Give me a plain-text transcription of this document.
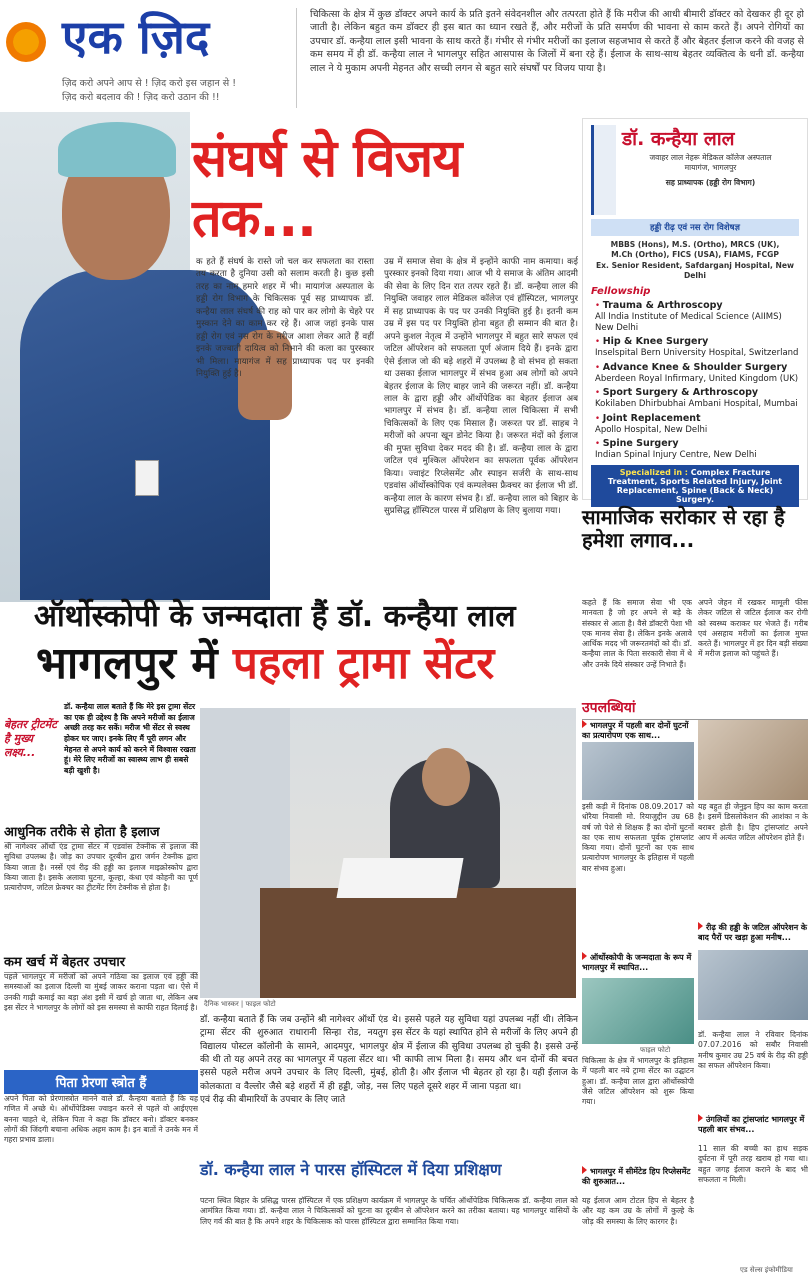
एक ज़िद
ज़िद करो अपने आप से ! ज़िद करो इस जहान से !
ज़िद करो बदलाव की ! ज़िद करो उठान की !!
चिकित्सा के क्षेत्र में कुछ डॉक्टर अपने कार्य के प्रति इतने संवेदनशील और तत्परता होते हैं कि मरीज की आधी बीमारी डॉक्टर को देखकर ही दूर हो जाती है। लेकिन बहुत कम डॉक्टर ही इस बात का ध्यान रखते हैं, और मरीजों के प्रति समर्पण की भावना से काम करते हैं। अपने रोगियों का उपचार डॉ. कन्हैया लाल इसी भावना के साथ करते हैं। गंभीर से गंभीर मरीजों का इलाज सहजभाव से करते हैं और बेहतर ईलाज करने की वजह से कम समय में ही डॉ. कन्हैया लाल ने भागलपुर सहित आसपास के जिलों में बना रहे हैं। ईलाज के साथ-साथ बेहतर व्यक्तित्व के धनी डॉ. कन्हैया लाल ने ये मुकाम अपनी मेहनत और सच्ची लगन से बहुत सारे संघर्षों पर विजय पाया है।
संघर्ष से विजय
तक...
क हते हैं संघर्ष के रास्ते जो चल कर सफलता का रास्ता तय करता है दुनिया उसी को सलाम करती है। कुछ इसी तरह का नाम हमारे शहर में भी। मायागंज अस्पताल के हड्डी रोग विभाग के चिकित्सक पूर्व सह प्राध्यापक डॉ. कन्हैया लाल संघर्ष की राह को पार कर लोगो के चेहरे पर मुस्कान देने का काम कर रहे हैं। आज जहां इनके पास हड्डी रोग एवं नस रोग के मरीज आशा लेकर आते हैं वहीं इनके जज्बाती दायित्व को निभाने की कला का पुरस्कार भी मिला। मायागंज में सह प्राध्यापक पद पर इनकी नियुक्ति हुई है।
उम्र में समाज सेवा के क्षेत्र में इन्होंने काफी नाम कमाया। कई पुरस्कार इनको दिया गया। आज भी ये समाज के अंतिम आदमी की सेवा के लिए दिन रात तत्पर रहते हैं। डॉ. कन्हैया लाल की नियुक्ति जवाहर लाल मेडिकल कॉलेज एवं हॉस्पिटल, भागलपुर में सह प्राध्यापक के पद पर उनकी नियुक्ति हुई है। इतनी कम उम्र में इस पद पर नियुक्ति होना बहुत ही सम्मान की बात है। अपने कुशल नेतृत्व में उन्होंने भागलपुर में बहुत सारे सफल एवं जटिल ऑपरेशन को सफलता पूर्ण अंजाम दिये हैं। इनके द्वारा ऐसे ईलाज जो की बड़े शहरों में उपलब्ध है वो संभव हो सकता था उसका ईलाज भागलपुर में संभव हुआ अब लोगों को अपने बेहतर ईलाज के लिए बाहर जाने की जरूरत नहीं। डॉ. कन्हैया लाल के द्वारा हड्डी और ऑर्थोपेडिक का बेहतर ईलाज अब भागलपुर में संभव है। डॉ. कन्हैया लाल चिकित्सा में सभी चिकित्सकों के लिए एक मिसाल हैं। जरूरत पर डॉ. साहब ने मरीजों को अपना खून डोनेट किया है। जरूरत मंदों को ईलाज की मुफ्त सुविधा देकर मदद की है। डॉ. कन्हैया लाल के द्वारा जटिल एवं मुश्किल ऑपरेशन का सफलता पूर्वक ऑपरेशन किया। ज्वाइंट रिप्लेसमेंट और स्पाइन सर्जरी के साथ-साथ एडवांस ऑर्थोस्कोपिक एवं कम्पलेक्स फ्रैक्चर का ईलाज भी डॉ. कन्हैया लाल के कारण संभव है। डॉ. कन्हैया लाल को बिहार के सुप्रसिद्ध हॉस्पिटल पारस में प्रशिक्षण के लिए बुलाया गया।
डॉ. कन्हैया लाल
जवाहर लाल नेहरू मेडिकल कॉलेज अस्पताल
मायागंज, भागलपुर
सह प्राध्यापक (हड्डी रोग विभाग)
हड्डी रीढ़ एवं नस रोग विशेषज्ञ
MBBS (Hons), M.S. (Ortho), MRCS (UK),
M.Ch (Ortho), FICS (USA), FIAMS, FCGP
Ex. Senior Resident, Safdarganj Hospital, New Delhi
Fellowship
• Trauma & Arthroscopy
All India Institute of Medical Science (AIIMS) New Delhi
• Hip & Knee Surgery
Inselspital Bern University Hospital, Switzerland
• Advance Knee & Shoulder Surgery
Aberdeen Royal Infirmary, United Kingdom (UK)
• Sport Surgery & Arthroscopy
Kokilaben Dhirbubhai Ambani Hospital, Mumbai
• Joint Replacement
Apollo Hospital, New Delhi
• Spine Surgery
Indian Spinal Injury Centre, New Delhi
Specialized in : Complex Fracture Treatment, Sports Related Injury, Joint Replacement, Spine (Back & Neck) Surgery.
ऑर्थोस्कोपी के जन्मदाता हैं डॉ. कन्हैया लाल
भागलपुर में पहला ट्रामा सेंटर
सामाजिक सरोकार से रहा है हमेशा लगाव...
कहते हैं कि समाज सेवा भी एक मानवता है जो हर अपने से बड़े के संस्कार से आता है। वैसे डॉक्टरी पेशा भी एक मानव सेवा है। लेकिन इनके अलावे आर्थिक मदद भी जरूरतमंदों को दी। डॉ. कन्हैया लाल के पिता सरकारी सेवा में थे और उनके दिये संस्कार उन्हें निभाते हैं।
अपने जेहन में रखकर मामूली फीस लेकर जटिल से जटिल ईलाज कर रोगी को स्वस्थ्य कराकर घर भेजते हैं। गरीब एवं असहाय मरीजों का ईलाज मुफ्त करते हैं। भागलपुर में हर दिन बड़ी संख्या में मरीज इलाज को पहुंचते हैं।
उपलब्धियां
भागलपुर में पहली बार दोनों घुटनों का प्रत्यारोपण एक साथ...
इसी कड़ी में दिनांक 08.09.2017 को धोरैया निवासी मो. रियाजुद्दीन उम्र 68 वर्ष जो पेशे से शिक्षक हैं का दोनों घुटनों का एक साथ सफलता पूर्वक ट्रांसप्लांट किया गया। दोनों घुटनों का एक साथ प्रत्यारोपण भागलपुर के इतिहास में पहली बार संभव हुआ।
यह बहुत ही जेनुइन हिप का काम करता है। इसमें डिसलोकेशन की आशंका न के बराबर होती है। हिप ट्रांसप्लांट अपने आप में अत्यंत जटिल ऑपरेशन होते हैं।
ऑर्थोस्कोपी के जन्मदाता के रूप में भागलपुर में स्थापित...
फाइल फोटो
चिकित्सा के क्षेत्र में भागलपुर के इतिहास में पहली बार नये ट्रामा सेंटर का उद्घाटन हुआ। डॉ. कन्हैया लाल द्वारा ऑर्थोस्कोपी जैसे जटिल ऑपरेशन को शुरू किया गया।
रीढ़ की हड्डी के जटिल ऑपरेशन के बाद पैरों पर खड़ा हुआ मनीष...
डॉ. कन्हैया लाल ने रविवार दिनांक 07.07.2016 को सबौर निवासी मनीष कुमार उम्र 25 वर्ष के रीढ़ की हड्डी का सफल ऑपरेशन किया।
भागलपुर में सीमेंटेड हिप रिप्लेसमेंट की शुरुआत...
यह ईलाज आम टोटल हिप से बेहतर है और यह कम उम्र के लोगों में कुल्हे के जोड़ की समस्या के लिए कारगर है।
उंगलियों का ट्रांसप्लांट भागलपुर में पहली बार संभव...
11 साल की बच्ची का हाथ सड़क दुर्घटना में पूरी तरह खराब हो गया था। बहुत जगह ईलाज कराने के बाद भी सफलता न मिली।
एड सेल्स इंफोमीडिया
बेहतर ट्रीटमेंट है मुख्य लक्ष्य...
डॉ. कन्हैया लाल बताते हैं कि मेरे इस ट्रामा सेंटर का एक ही उद्देश्य है कि अपने मरीजों का ईलाज अच्छी तरह कर सकें। मरीज भी सेंटर से स्वस्थ होकर घर जाए। इनके लिए मैं पूरी लगन और मेहनत से अपने कार्य को करने में विश्वास रखता हूं। मेरे लिए मरीजों का स्वास्थ्य लाभ ही सबसे बड़ी खुशी है।
दैनिक भास्कर | फाइल फोटो
आधुनिक तरीके से होता है इलाज
श्री नागेश्वर ऑर्थो एंड ट्रामा सेंटर में एडवांस टेक्नीक से इलाज की सुविधा उपलब्ध है। जोड़ का उपचार दूरबीन द्वारा जर्मन टेक्नीक द्वारा किया जाता है। नस्सें एवं रीढ़ की हड्डी का इलाज माइक्रोस्कोप द्वारा किया जाता है। इसके अलावा घुटना, कूल्हा, कंधा एवं कोहनी का पूर्ण प्रत्यारोपण, जटिल फ्रेक्चर का ट्रीटमेंट रिंग टेक्नीक से होता है।
कम खर्च में बेहतर उपचार
पहले भागलपुर में मरीजों को अपने गठिया का इलाज एवं हड्डी की समस्याओं का इलाज दिल्ली या मुंबई जाकर कराना पड़ता था। ऐसे में उनकी गाढ़ी कमाई का बड़ा अंश इसी में खर्च हो जाता था, लेकिन अब इस सेंटर ने भागलपुर के लोगों को इस समस्या से काफी राहत दिलाई है।
पिता प्रेरणा स्त्रोत हैं
अपने पिता को प्रेरणास्त्रोत मानने वाले डॉ. कैन्हया बताते हैं कि यह गणित में अच्छे थे। ऑर्थोपेडिक्स ज्वाइन करने से पहले वो आईएएस बनना चाहते थे, लेकिन पिता ने कहा कि डॉक्टर बनो। डॉक्टर बनकर लोगों की जिंदगी बचाना अधिक अहम काम है। इन बातों ने उनके मन में गहरा प्रभाव डाला।
डॉ. कन्हैया बताते हैं कि जब उन्होंने श्री नागेश्वर ऑर्थो एंड ट्रामा सेंटर की शुरुआत राधारानी सिन्हा रोड, नयतुग विद्यालय पोस्टल कॉलोनी के सामने, आदमपुर, भागलपुर की थी तो यह अपने तरह का भागलपुर में पहला सेंटर था। इससे पहले मरीज अपने उपचार के लिए दिल्ली, मुंबई, कोलकाता व वैल्लोर जैसे बड़े शहरों में ही हड्डी, जोड़, नस एवं रीढ़ की बीमारियों के उपचार के लिए जाते
थे। इससे पहले यह सुविधा यहां उपलब्ध नहीं थी। लेकिन इस सेंटर के यहां स्थापित होने से मरीजों के लिए अपने ही क्षेत्र में ईलाज की सुविधा उपलब्ध हो चुकी है। इससे उन्हें भी काफी लाभ मिला है। समय और धन दोनों की बचत होती है। और ईलाज भी बेहतर हो रहा है। यही ईलाज के लिए पहले दूसरे शहर में जाना पड़ता था।
डॉ. कन्हैया लाल ने पारस हॉस्पिटल में दिया प्रशिक्षण
पटना स्थित बिहार के प्रसिद्ध पारस हॉस्पिटल में एक प्रशिक्षण कार्यक्रम में भागलपुर के चर्चित ऑर्थोपेडिक चिकित्सक डॉ. कन्हैया लाल को आमंत्रित किया गया। डॉ. कन्हैया लाल ने चिकित्सकों को घुटना का दूरबीन से ऑपरेशन करने का तरीका बताया। यह भागलपुर वासियों के लिए गर्व की बात है कि अपने शहर के चिकित्सक को पारस हॉस्पिटल द्वारा सम्मानित किया गया।
